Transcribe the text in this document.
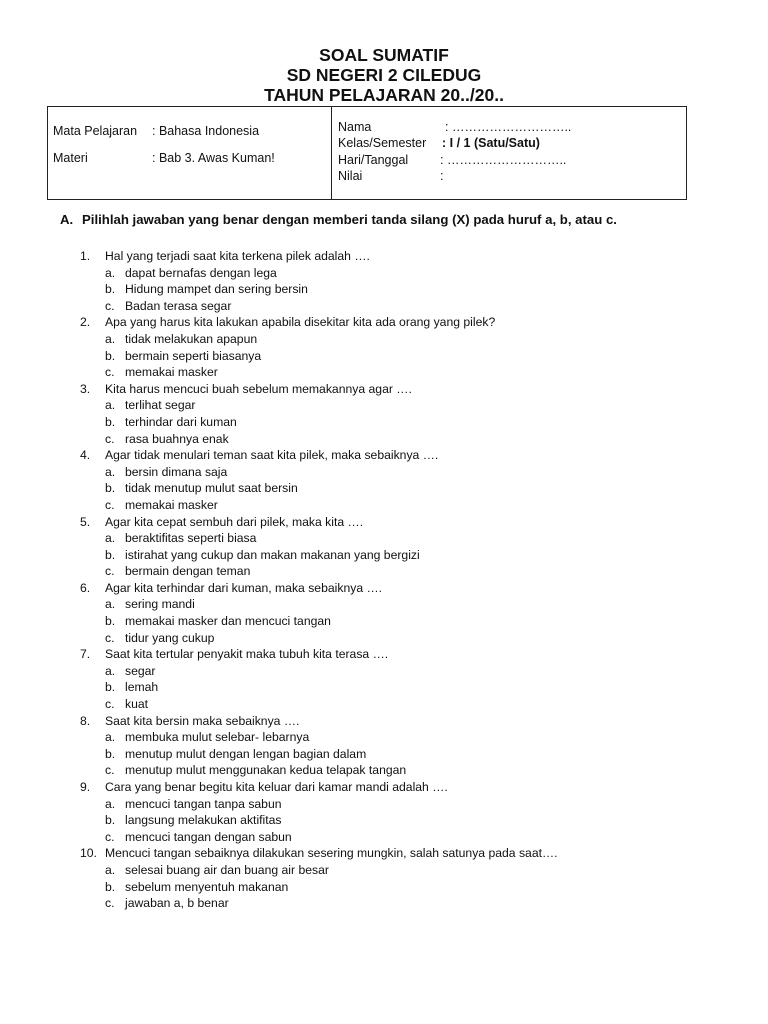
SOAL SUMATIF
SD NEGERI 2 CILEDUG
TAHUN PELAJARAN 20../20..
Mata Pelajaran : Bahasa Indonesia
Materi	: Bab 3. Awas Kuman!
Nama	: ………………………..
Kelas/Semester : I / 1 (Satu/Satu)
Hari/Tanggal	: ………………………..
Nilai	:
A. Pilihlah jawaban yang benar dengan memberi tanda silang (X) pada huruf a, b, atau c.
1. Hal yang terjadi saat kita terkena pilek adalah ….
a. dapat bernafas dengan lega
b. Hidung mampet dan sering bersin
c. Badan terasa segar
2. Apa yang harus kita lakukan apabila disekitar kita ada orang yang pilek?
a. tidak melakukan apapun
b. bermain seperti biasanya
c. memakai masker
3. Kita harus mencuci buah sebelum memakannya agar ….
a. terlihat segar
b. terhindar dari kuman
c. rasa buahnya enak
4. Agar tidak menulari teman saat kita pilek, maka sebaiknya ….
a. bersin dimana saja
b. tidak menutup mulut saat bersin
c. memakai masker
5. Agar kita cepat sembuh dari pilek, maka kita ….
a. beraktifitas seperti biasa
b. istirahat yang cukup dan makan makanan yang bergizi
c. bermain dengan teman
6. Agar kita terhindar dari kuman, maka sebaiknya ….
a. sering mandi
b. memakai masker dan mencuci tangan
c. tidur yang cukup
7. Saat kita tertular penyakit maka tubuh kita terasa ….
a. segar
b. lemah
c. kuat
8. Saat kita bersin maka sebaiknya ….
a. membuka mulut selebar- lebarnya
b. menutup mulut dengan lengan bagian dalam
c. menutup mulut menggunakan kedua telapak tangan
9. Cara yang benar begitu kita keluar dari kamar mandi adalah ….
a. mencuci tangan tanpa sabun
b. langsung melakukan aktifitas
c. mencuci tangan dengan sabun
10. Mencuci tangan sebaiknya dilakukan sesering mungkin, salah satunya pada saat….
a. selesai buang air dan buang air besar
b. sebelum menyentuh makanan
c. jawaban a, b benar
